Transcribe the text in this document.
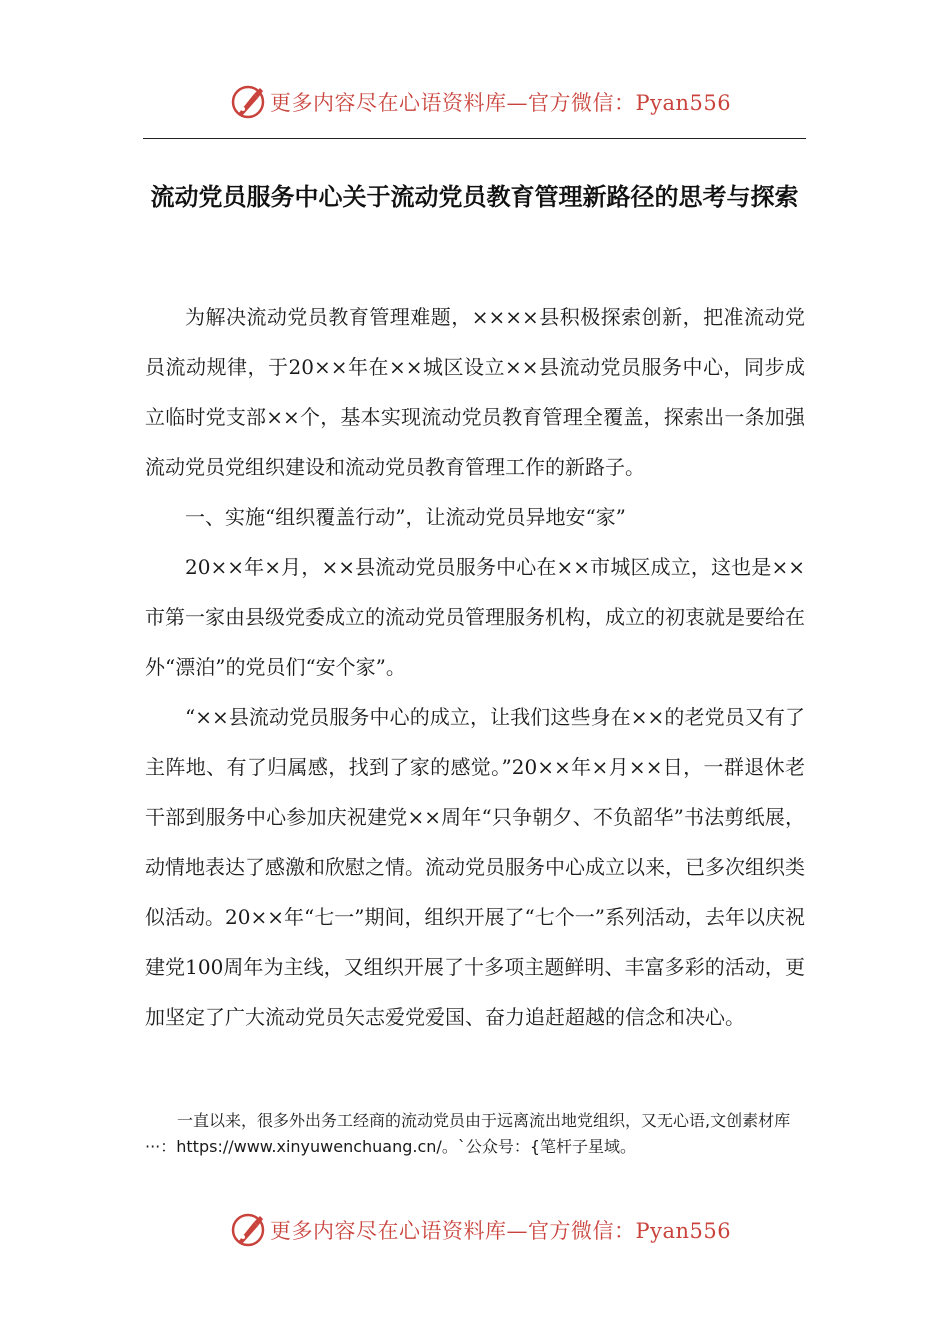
更多内容尽在心语资料库—官方微信：Pyan556
流动党员服务中心关于流动党员教育管理新路径的思考与探索

为解决流动党员教育管理难题，××××县积极探索创新，把准流动党员流动规律，于20××年在××城区设立××县流动党员服务中心，同步成立临时党支部××个，基本实现流动党员教育管理全覆盖，探索出一条加强流动党员党组织建设和流动党员教育管理工作的新路子。

一、实施“组织覆盖行动”，让流动党员异地安“家”

20××年×月，××县流动党员服务中心在××市城区成立，这也是××市第一家由县级党委成立的流动党员管理服务机构，成立的初衷就是要给在外“漂泊”的党员们“安个家”。

“××县流动党员服务中心的成立，让我们这些身在××的老党员又有了主阵地、有了归属感，找到了家的感觉。”20××年×月××日，一群退休老干部到服务中心参加庆祝建党××周年“只争朝夕、不负韶华”书法剪纸展，动情地表达了感激和欣慰之情。流动党员服务中心成立以来，已多次组织类似活动。20××年“七一”期间，组织开展了“七个一”系列活动，去年以庆祝建党100周年为主线，又组织开展了十多项主题鲜明、丰富多彩的活动，更加坚定了广大流动党员矢志爱党爱国、奋力追赶超越的信念和决心。

一直以来，很多外出务工经商的流动党员由于远离流出地党组织，又无心语,文创素材库···：https://www.xinyuwenchuang.cn/。`公众号：{笔杆子星域。

更多内容尽在心语资料库—官方微信：Pyan556
